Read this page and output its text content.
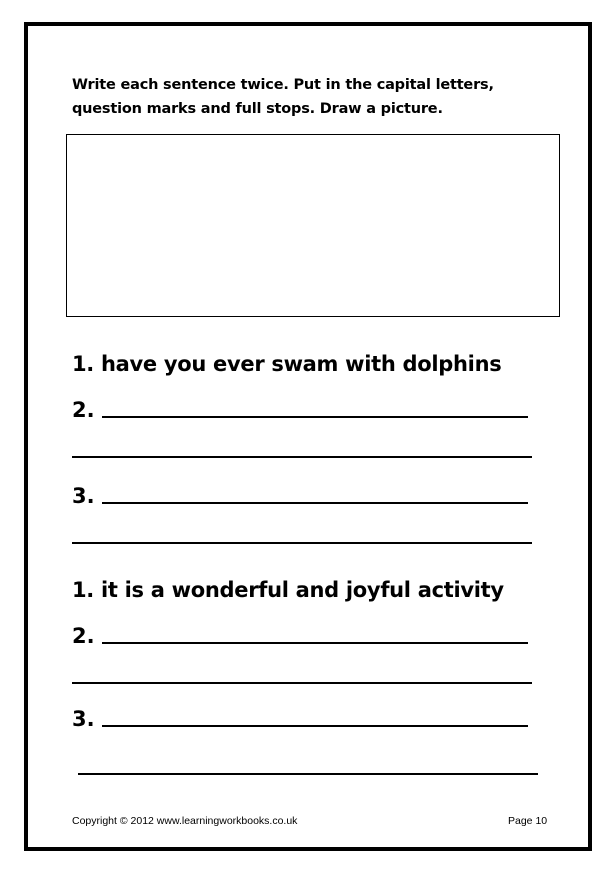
Write each sentence twice. Put in the capital letters, question marks and full stops. Draw a picture.

1. have you ever swam with dolphins

2.
3.

1. it is a wonderful and joyful activity

2.
3.
Copyright © 2012 www.learningworkbooks.co.uk	Page 10
